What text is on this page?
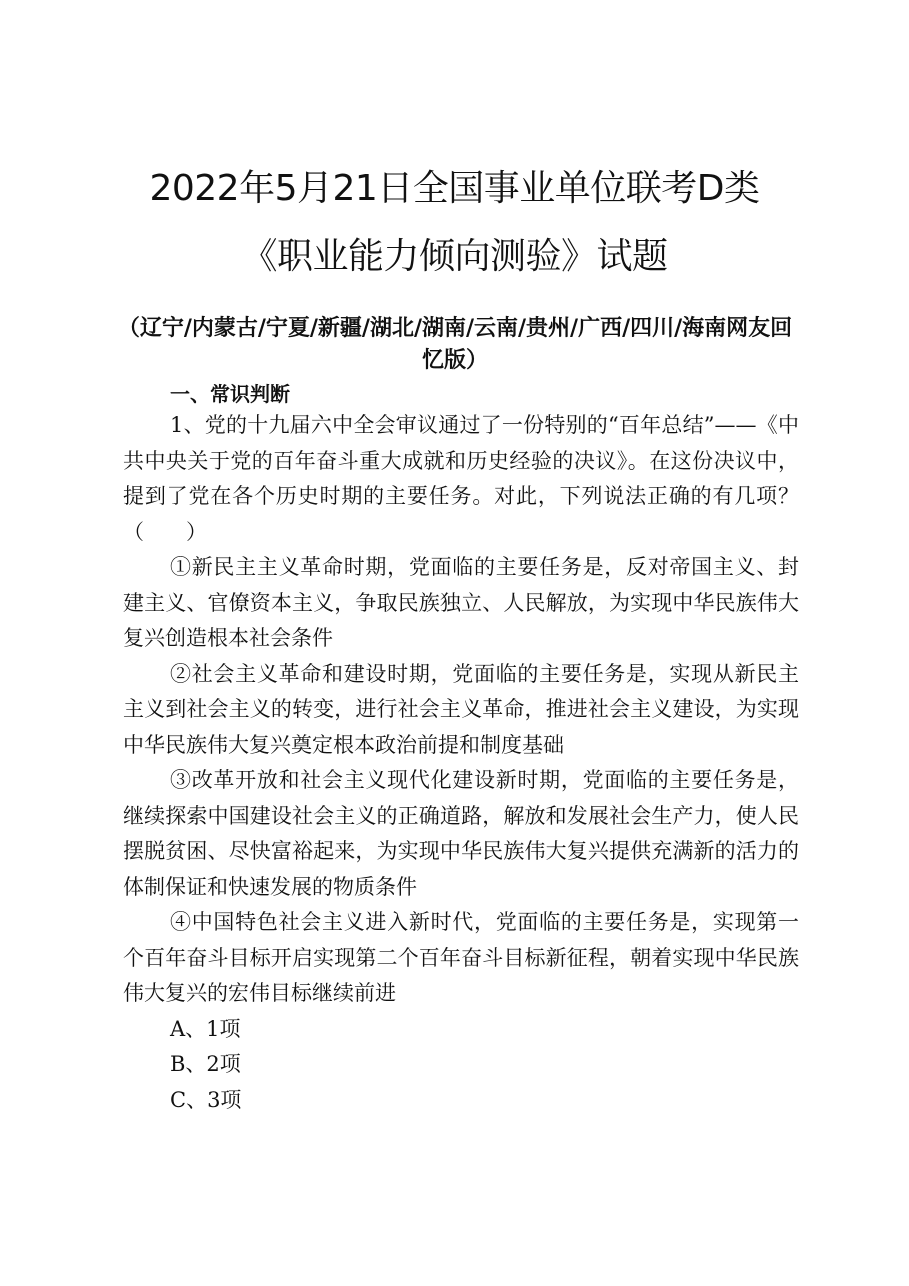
2022年5月21日全国事业单位联考D类
《职业能力倾向测验》试题

（辽宁/内蒙古/宁夏/新疆/湖北/湖南/云南/贵州/广西/四川/海南网友回忆版）

一、常识判断

1、党的十九届六中全会审议通过了一份特别的“百年总结”——《中共中央关于党的百年奋斗重大成就和历史经验的决议》。在这份决议中，提到了党在各个历史时期的主要任务。对此，下列说法正确的有几项？（　　）

①新民主主义革命时期，党面临的主要任务是，反对帝国主义、封建主义、官僚资本主义，争取民族独立、人民解放，为实现中华民族伟大复兴创造根本社会条件

②社会主义革命和建设时期，党面临的主要任务是，实现从新民主主义到社会主义的转变，进行社会主义革命，推进社会主义建设，为实现中华民族伟大复兴奠定根本政治前提和制度基础

③改革开放和社会主义现代化建设新时期，党面临的主要任务是，继续探索中国建设社会主义的正确道路，解放和发展社会生产力，使人民摆脱贫困、尽快富裕起来，为实现中华民族伟大复兴提供充满新的活力的体制保证和快速发展的物质条件

④中国特色社会主义进入新时代，党面临的主要任务是，实现第一个百年奋斗目标开启实现第二个百年奋斗目标新征程，朝着实现中华民族伟大复兴的宏伟目标继续前进

A、1项

B、2项

C、3项
